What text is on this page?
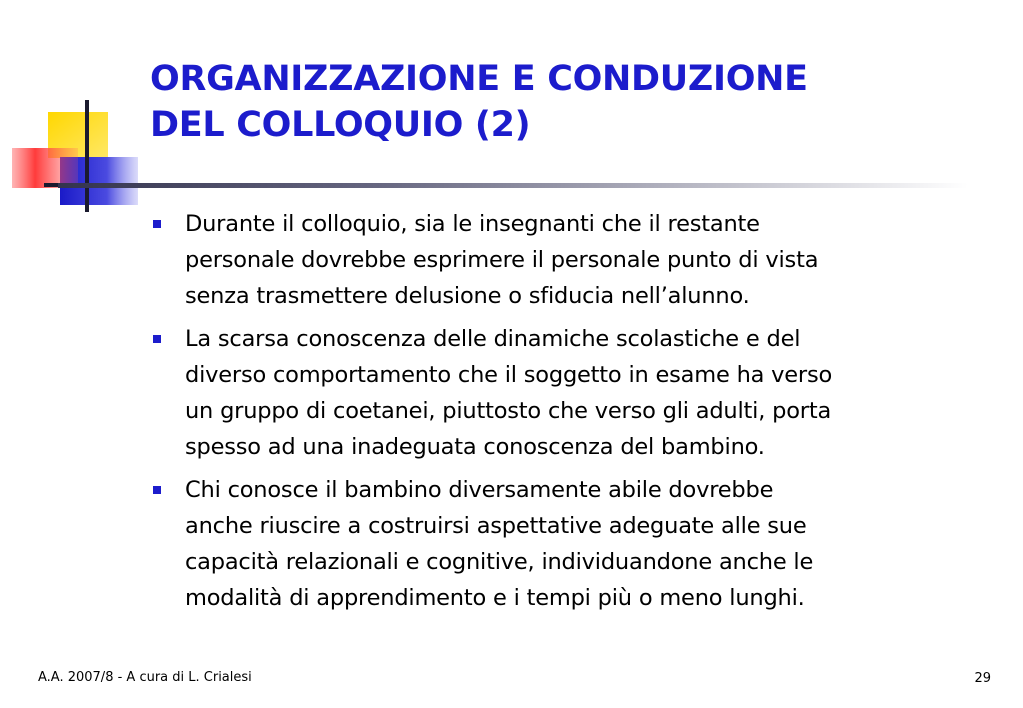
ORGANIZZAZIONE E CONDUZIONE
DEL COLLOQUIO (2)
Durante il colloquio, sia le insegnanti che il restante
personale dovrebbe esprimere il personale punto di vista
senza trasmettere delusione o sfiducia nell’alunno.
La scarsa conoscenza delle dinamiche scolastiche e del
diverso comportamento che il soggetto in esame ha verso
un gruppo di coetanei, piuttosto che verso gli adulti, porta
spesso ad una inadeguata conoscenza del bambino.
Chi conosce il bambino diversamente abile dovrebbe
anche riuscire a costruirsi aspettative adeguate alle sue
capacità relazionali e cognitive, individuandone anche le
modalità di apprendimento e i tempi più o meno lunghi.
A.A. 2007/8 - A cura di L. Crialesi	29
